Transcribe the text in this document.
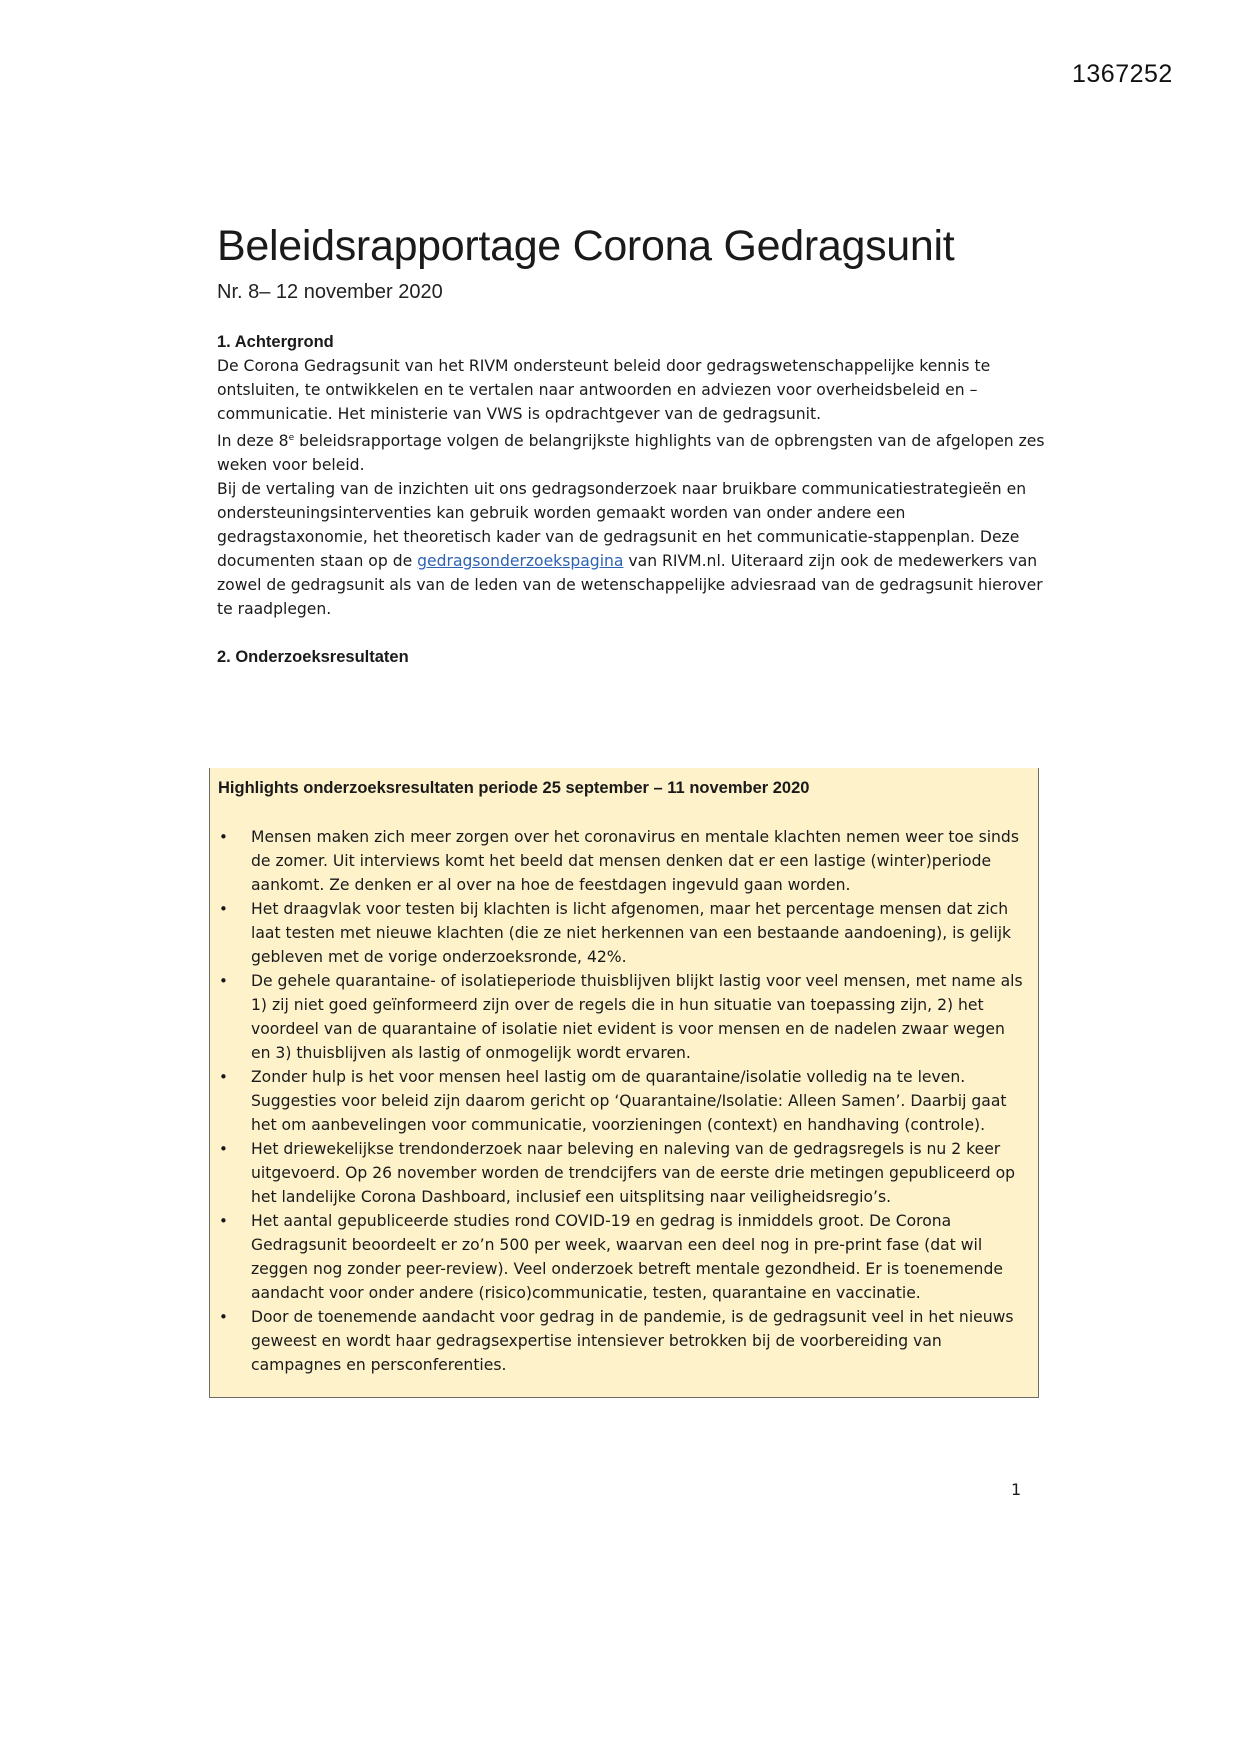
1367252
Beleidsrapportage Corona Gedragsunit
Nr. 8– 12 november 2020
1. Achtergrond

De Corona Gedragsunit van het RIVM ondersteunt beleid door gedragswetenschappelijke kennis te ontsluiten, te ontwikkelen en te vertalen naar antwoorden en adviezen voor overheidsbeleid en –communicatie. Het ministerie van VWS is opdrachtgever van de gedragsunit.

In deze 8e beleidsrapportage volgen de belangrijkste highlights van de opbrengsten van de afgelopen zes weken voor beleid.

Bij de vertaling van de inzichten uit ons gedragsonderzoek naar bruikbare communicatiestrategieën en ondersteuningsinterventies kan gebruik worden gemaakt worden van onder andere een gedragstaxonomie, het theoretisch kader van de gedragsunit en het communicatie-stappenplan. Deze documenten staan op de gedragsonderzoekspagina van RIVM.nl. Uiteraard zijn ook de medewerkers van zowel de gedragsunit als van de leden van de wetenschappelijke adviesraad van de gedragsunit hierover te raadplegen.

2. Onderzoeksresultaten
Highlights onderzoeksresultaten periode 25 september – 11 november 2020
•	Mensen maken zich meer zorgen over het coronavirus en mentale klachten nemen weer toe sinds de zomer. Uit interviews komt het beeld dat mensen denken dat er een lastige (winter)periode aankomt. Ze denken er al over na hoe de feestdagen ingevuld gaan worden.
•	Het draagvlak voor testen bij klachten is licht afgenomen, maar het percentage mensen dat zich laat testen met nieuwe klachten (die ze niet herkennen van een bestaande aandoening), is gelijk gebleven met de vorige onderzoeksronde, 42%.
•	De gehele quarantaine- of isolatieperiode thuisblijven blijkt lastig voor veel mensen, met name als 1) zij niet goed geïnformeerd zijn over de regels die in hun situatie van toepassing zijn, 2) het voordeel van de quarantaine of isolatie niet evident is voor mensen en de nadelen zwaar wegen en 3) thuisblijven als lastig of onmogelijk wordt ervaren.
•	Zonder hulp is het voor mensen heel lastig om de quarantaine/isolatie volledig na te leven. Suggesties voor beleid zijn daarom gericht op ‘Quarantaine/Isolatie: Alleen Samen’. Daarbij gaat het om aanbevelingen voor communicatie, voorzieningen (context) en handhaving (controle).
•	Het driewekelijkse trendonderzoek naar beleving en naleving van de gedragsregels is nu 2 keer uitgevoerd. Op 26 november worden de trendcijfers van de eerste drie metingen gepubliceerd op het landelijke Corona Dashboard, inclusief een uitsplitsing naar veiligheidsregio’s.
•	Het aantal gepubliceerde studies rond COVID-19 en gedrag is inmiddels groot. De Corona Gedragsunit beoordeelt er zo’n 500 per week, waarvan een deel nog in pre-print fase (dat wil zeggen nog zonder peer-review). Veel onderzoek betreft mentale gezondheid. Er is toenemende aandacht voor onder andere (risico)communicatie, testen, quarantaine en vaccinatie.
•	Door de toenemende aandacht voor gedrag in de pandemie, is de gedragsunit veel in het nieuws geweest en wordt haar gedragsexpertise intensiever betrokken bij de voorbereiding van campagnes en persconferenties.
1
